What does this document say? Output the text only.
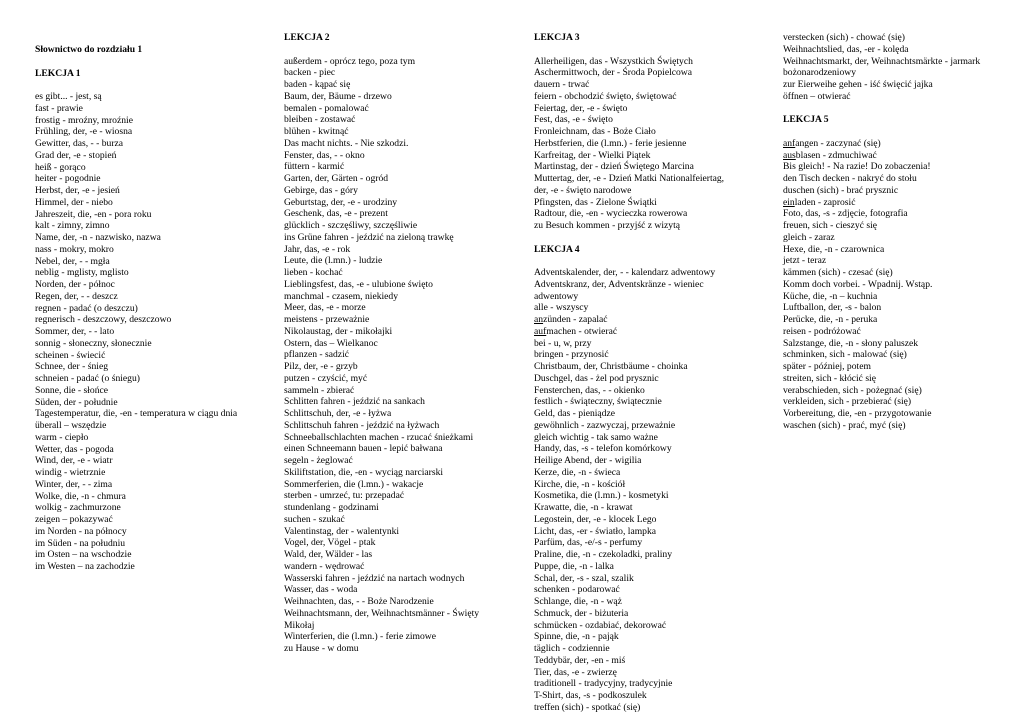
Słownictwo do rozdziału 1
LEKCJA 1
es gibt... - jest, są
fast - prawie
frostig - mroźny, mroźnie
Frühling, der, -e - wiosna
Gewitter, das, - - burza
Grad der, -e - stopień
heiß - gorąco
heiter - pogodnie
Herbst, der, -e - jesień
Himmel, der - niebo
Jahreszeit, die, -en - pora roku
kalt - zimny, zimno
Name, der, -n - nazwisko, nazwa
nass - mokry, mokro
Nebel, der, - - mgła
neblig - mglisty, mglisto
Norden, der - północ
Regen, der, - - deszcz
regnen - padać (o deszczu)
regnerisch - deszczowy, deszczowo
Sommer, der, - - lato
sonnig - słoneczny, słonecznie
scheinen - świecić
Schnee, der - śnieg
schneien - padać (o śniegu)
Sonne, die - słońce
Süden, der - południe
Tagestemperatur, die, -en - temperatura w ciągu dnia
überall – wszędzie
warm - ciepło
Wetter, das - pogoda
Wind, der, -e - wiatr
windig - wietrznie
Winter, der, - - zima
Wolke, die, -n - chmura
wolkig - zachmurzone
zeigen – pokazywać
im Norden - na północy
im Süden - na południu
im Osten – na wschodzie
im Westen – na zachodzie
LEKCJA 2
außerdem - oprócz tego, poza tym
backen - piec
baden - kąpać się
Baum, der, Bäume - drzewo
bemalen - pomalować
bleiben - zostawać
blühen - kwitnąć
Das macht nichts. - Nie szkodzi.
Fenster, das, - - okno
füttern - karmić
Garten, der, Gärten - ogród
Gebirge, das - góry
Geburtstag, der, -e - urodziny
Geschenk, das, -e - prezent
glücklich - szczęśliwy, szczęśliwie
ins Grüne fahren - jeździć na zieloną trawkę
Jahr, das, -e - rok
Leute, die (l.mn.) - ludzie
lieben - kochać
Lieblingsfest, das, -e - ulubione święto
manchmal - czasem, niekiedy
Meer, das, -e - morze
meistens - przeważnie
Nikolaustag, der - mikołajki
Ostern, das – Wielkanoc
pflanzen - sadzić
Pilz, der, -e - grzyb
putzen - czyścić, myć
sammeln - zbierać
Schlitten fahren - jeździć na sankach
Schlittschuh, der, -e - łyżwa
Schlittschuh fahren - jeździć na łyżwach
Schneeballschlachten machen - rzucać śnieżkami
einen Schneemann bauen - lepić bałwana
segeln - żeglować
Skiliftstation, die, -en - wyciąg narciarski
Sommerferien, die (l.mn.) - wakacje
sterben - umrzeć, tu: przepadać
stundenlang - godzinami
suchen - szukać
Valentinstag, der - walentynki
Vogel, der, Vögel - ptak
Wald, der, Wälder - las
wandern - wędrować
Wasserski fahren - jeździć na nartach wodnych
Wasser, das - woda
Weihnachten, das, - - Boże Narodzenie
Weihnachtsmann, der, Weihnachtsmänner - Święty
Mikołaj
Winterferien, die (l.mn.) - ferie zimowe
zu Hause - w domu
LEKCJA 3
Allerheiligen, das - Wszystkich Świętych
Aschermittwoch, der - Środa Popielcowa
dauern - trwać
feiern - obchodzić święto, świętować
Feiertag, der, -e - święto
Fest, das, -e - święto
Fronleichnam, das - Boże Ciało
Herbstferien, die (l.mn.) - ferie jesienne
Karfreitag, der - Wielki Piątek
Martinstag, der - dzień Świętego Marcina
Muttertag, der, -e - Dzień Matki Nationalfeiertag,
der, -e - święto narodowe
Pfingsten, das - Zielone Świątki
Radtour, die, -en - wycieczka rowerowa
zu Besuch kommen - przyjść z wizytą
LEKCJA 4
Adventskalender, der, - - kalendarz adwentowy
Adventskranz, der, Adventskränze - wieniec
adwentowy
alle - wszyscy
anzünden - zapalać
aufmachen - otwierać
bei - u, w, przy
bringen - przynosić
Christbaum, der, Christbäume - choinka
Duschgel, das - żel pod prysznic
Fensterchen, das, - - okienko
festlich - świąteczny, świątecznie
Geld, das - pieniądze
gewöhnlich - zazwyczaj, przeważnie
gleich wichtig - tak samo ważne
Handy, das, -s - telefon komórkowy
Heilige Abend, der - wigilia
Kerze, die, -n - świeca
Kirche, die, -n - kościół
Kosmetika, die (l.mn.) - kosmetyki
Krawatte, die, -n - krawat
Legostein, der, -e - klocek Lego
Licht, das, -er - światło, lampka
Parfüm, das, -e/-s - perfumy
Praline, die, -n - czekoladki, praliny
Puppe, die, -n - lalka
Schal, der, -s - szal, szalik
schenken - podarować
Schlange, die, -n - wąż
Schmuck, der - biżuteria
schmücken - ozdabiać, dekorować
Spinne, die, -n - pająk
täglich - codziennie
Teddybär, der, -en - miś
Tier, das, -e - zwierzę
traditionell - tradycyjny, tradycyjnie
T-Shirt, das, -s - podkoszulek
treffen (sich) - spotkać (się)
verstecken (sich) - chować (się)
Weihnachtslied, das, -er - kolęda
Weihnachtsmarkt, der, Weihnachtsmärkte - jarmark
bożonarodzeniowy
zur Eierweihe gehen - iść święcić jajka
öffnen – otwierać
LEKCJA 5
anfangen - zaczynać (się)
ausblasen - zdmuchiwać
Bis gleich! - Na razie! Do zobaczenia!
den Tisch decken - nakryć do stołu
duschen (sich) - brać prysznic
einladen - zaprosić
Foto, das, -s - zdjęcie, fotografia
freuen, sich - cieszyć się
gleich - zaraz
Hexe, die, -n - czarownica
jetzt - teraz
kämmen (sich) - czesać (się)
Komm doch vorbei. - Wpadnij. Wstąp.
Küche, die, -n – kuchnia
Luftballon, der, -s - balon
Perücke, die, -n - peruka
reisen - podróżować
Salzstange, die, -n - słony paluszek
schminken, sich - malować (się)
später - później, potem
streiten, sich - kłócić się
verabschieden, sich - pożegnać (się)
verkleiden, sich - przebierać (się)
Vorbereitung, die, -en - przygotowanie
waschen (sich) - prać, myć (się)
